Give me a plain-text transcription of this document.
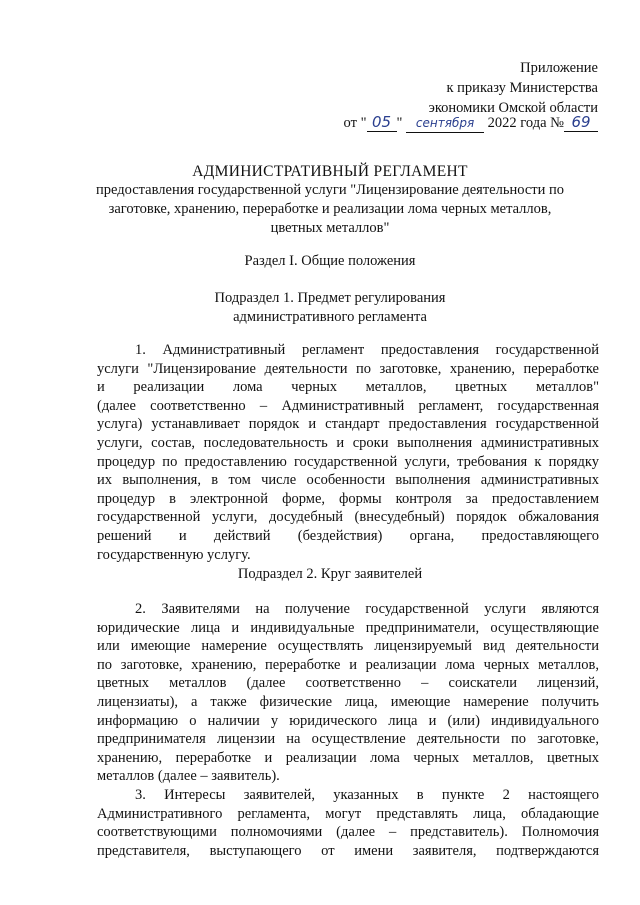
Приложение
к приказу Министерства
экономики Омской области
от " 05 " сентября 2022 года № 69
АДМИНИСТРАТИВНЫЙ РЕГЛАМЕНТ
предоставления государственной услуги "Лицензирование деятельности по
заготовке, хранению, переработке и реализации лома черных металлов,
цветных металлов"
Раздел I. Общие положения
Подраздел 1. Предмет регулирования
административного регламента
1. Административный регламент предоставления государственной
услуги "Лицензирование деятельности по заготовке, хранению, переработке
и реализации лома черных металлов, цветных металлов"
(далее соответственно – Административный регламент, государственная
услуга) устанавливает порядок и стандарт предоставления государственной
услуги, состав, последовательность и сроки выполнения административных
процедур по предоставлению государственной услуги, требования к порядку
их выполнения, в том числе особенности выполнения административных
процедур в электронной форме, формы контроля за предоставлением
государственной услуги, досудебный (внесудебный) порядок обжалования
решений и действий (бездействия) органа, предоставляющего
государственную услугу.
Подраздел 2. Круг заявителей
2. Заявителями на получение государственной услуги являются
юридические лица и индивидуальные предприниматели, осуществляющие
или имеющие намерение осуществлять лицензируемый вид деятельности
по заготовке, хранению, переработке и реализации лома черных металлов,
цветных металлов (далее соответственно – соискатели лицензий,
лицензиаты), а также физические лица, имеющие намерение получить
информацию о наличии у юридического лица и (или) индивидуального
предпринимателя лицензии на осуществление деятельности по заготовке,
хранению, переработке и реализации лома черных металлов, цветных
металлов (далее – заявитель).
3. Интересы заявителей, указанных в пункте 2 настоящего
Административного регламента, могут представлять лица, обладающие
соответствующими полномочиями (далее – представитель). Полномочия
представителя, выступающего от имени заявителя, подтверждаются
